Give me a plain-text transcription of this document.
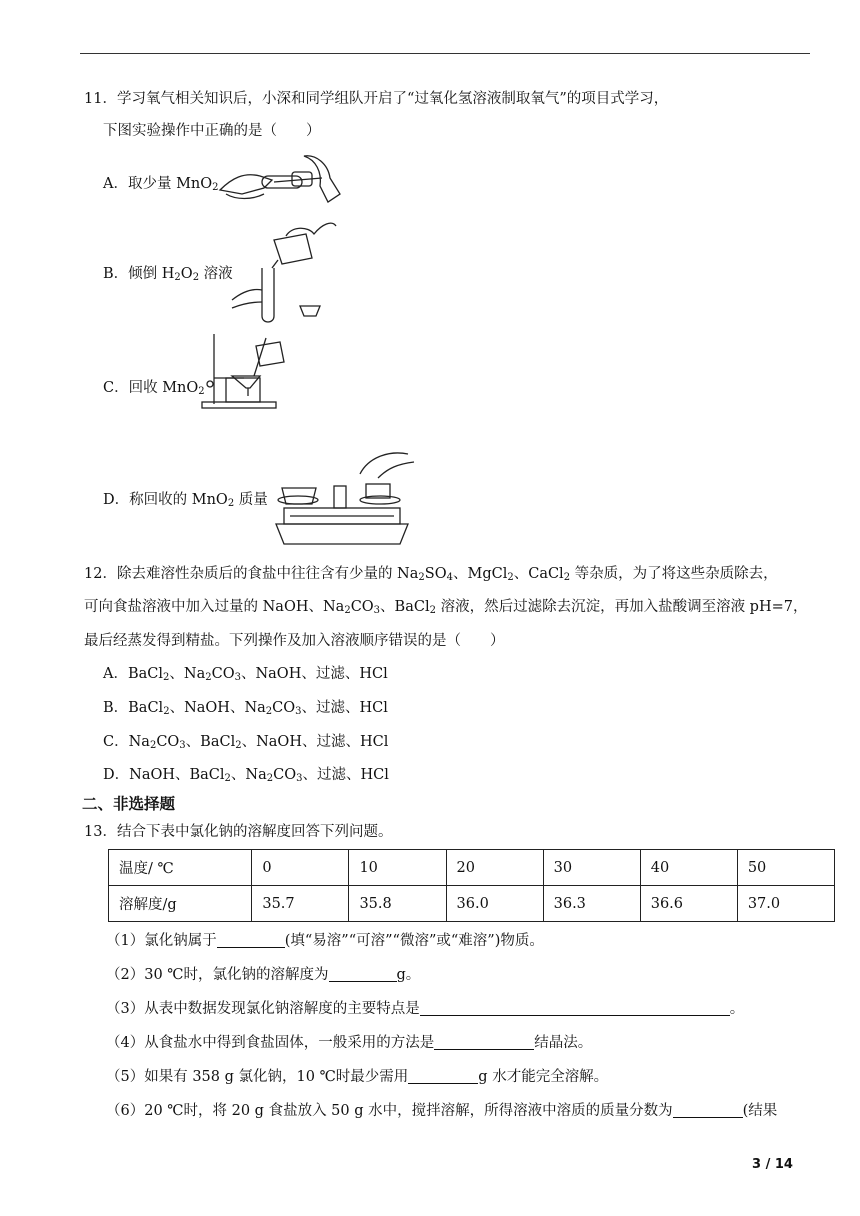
11．学习氧气相关知识后，小深和同学组队开启了“过氧化氢溶液制取氧气”的项目式学习，
下图实验操作中正确的是（　　）
A．取少量 MnO$_2$
B．倾倒 $H_2O_2$ 溶液
C．回收 MnO$_2$
D．称回收的 MnO$_2$ 质量
12．除去难溶性杂质后的食盐中往往含有少量的 $Na_2SO_4$、MgCl$_2$、CaCl$_2$ 等杂质，为了将这些杂质除去，
可向食盐溶液中加入过量的 NaOH、$Na_2CO_3$、BaCl$_2$ 溶液，然后过滤除去沉淀，再加入盐酸调至溶液 pH=7，
最后经蒸发得到精盐。下列操作及加入溶液顺序错误的是（　　）
A．BaCl$_2$、$Na_2CO_3$、NaOH、过滤、HCl
B．BaCl$_2$、NaOH、$Na_2CO_3$、过滤、HCl
C．$Na_2CO_3$、BaCl$_2$、NaOH、过滤、HCl
D．NaOH、BaCl$_2$、$Na_2CO_3$、过滤、HCl
二、非选择题
13．结合下表中氯化钠的溶解度回答下列问题。
温度/ ℃	0	10	20	30	40	50
溶解度/g	35.7	35.8	36.0	36.3	36.6	37.0
（1）氯化钠属于	(填“易溶”“可溶”“微溶”或“难溶”)物质。
（2）30 ℃时，氯化钠的溶解度为	g。
（3）从表中数据发现氯化钠溶解度的主要特点是	。
（4）从食盐水中得到食盐固体，一般采用的方法是	结晶法。
（5）如果有 358 g 氯化钠，10 ℃时最少需用	g 水才能完全溶解。
（6）20 ℃时，将 20 g 食盐放入 50 g 水中，搅拌溶解，所得溶液中溶质的质量分数为	(结果
3 / 14
